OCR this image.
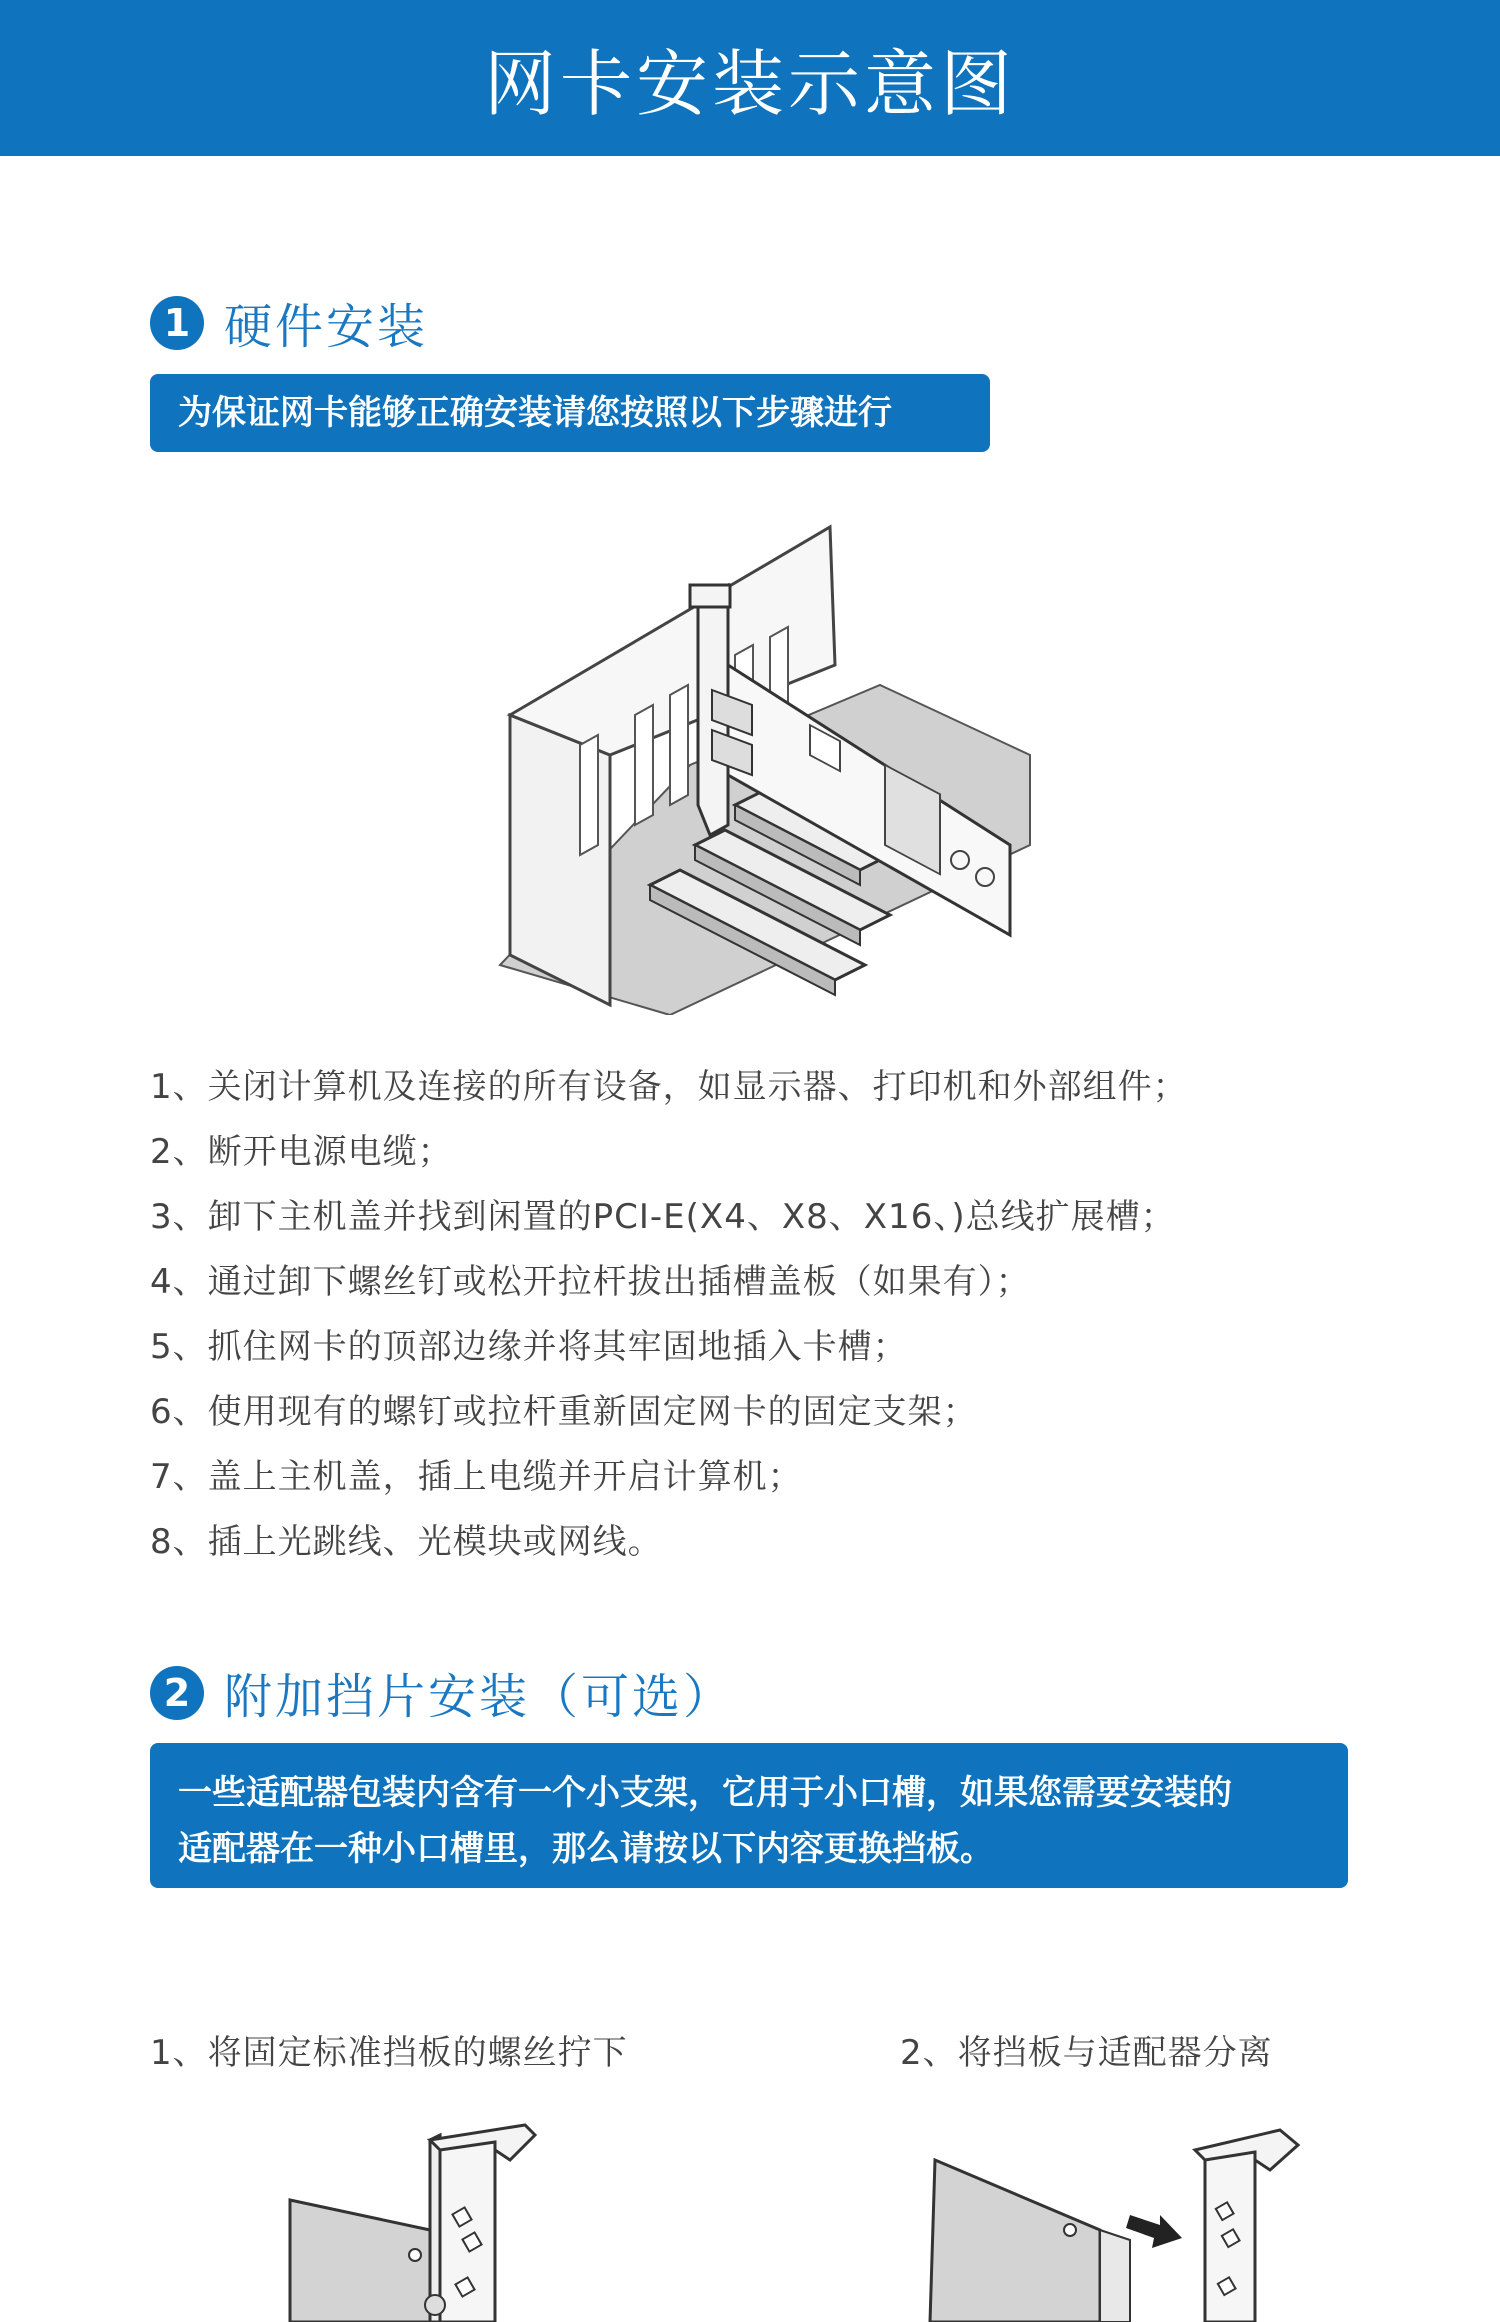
网卡安装示意图
1 硬件安装
为保证网卡能够正确安装请您按照以下步骤进行
1、关闭计算机及连接的所有设备，如显示器、打印机和外部组件；
2、断开电源电缆；
3、卸下主机盖并找到闲置的PCI-E(X4、X8、X16、)总线扩展槽；
4、通过卸下螺丝钉或松开拉杆拔出插槽盖板（如果有）；
5、抓住网卡的顶部边缘并将其牢固地插入卡槽；
6、使用现有的螺钉或拉杆重新固定网卡的固定支架；
7、盖上主机盖，插上电缆并开启计算机；
8、插上光跳线、光模块或网线。
2 附加挡片安装（可选）
一些适配器包装内含有一个小支架，它用于小口槽，如果您需要安装的
适配器在一种小口槽里，那么请按以下内容更换挡板。
1、将固定标准挡板的螺丝拧下	2、将挡板与适配器分离
